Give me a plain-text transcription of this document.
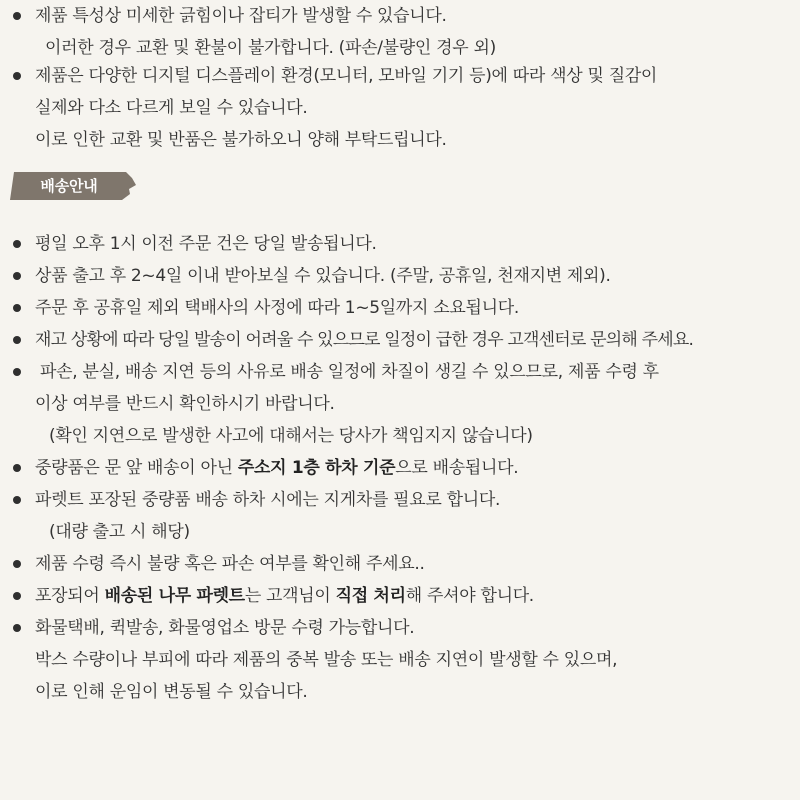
제품 특성상 미세한 긁힘이나 잡티가 발생할 수 있습니다.
이러한 경우 교환 및 환불이 불가합니다. (파손/불량인 경우 외)
제품은 다양한 디지털 디스플레이 환경(모니터, 모바일 기기 등)에 따라 색상 및 질감이
실제와 다소 다르게 보일 수 있습니다.
이로 인한 교환 및 반품은 불가하오니 양해 부탁드립니다.
배송안내
평일 오후 1시 이전 주문 건은 당일 발송됩니다.
상품 출고 후 2~4일 이내 받아보실 수 있습니다. (주말, 공휴일, 천재지변 제외).
주문 후 공휴일 제외 택배사의 사정에 따라 1~5일까지 소요됩니다.
재고 상황에 따라 당일 발송이 어려울 수 있으므로 일정이 급한 경우 고객센터로 문의해 주세요.
파손, 분실, 배송 지연 등의 사유로 배송 일정에 차질이 생길 수 있으므로, 제품 수령 후
이상 여부를 반드시 확인하시기 바랍니다.
(확인 지연으로 발생한 사고에 대해서는 당사가 책임지지 않습니다)
중량품은 문 앞 배송이 아닌 주소지 1층 하차 기준으로 배송됩니다.
파렛트 포장된 중량품 배송 하차 시에는 지게차를 필요로 합니다.
(대량 출고 시 해당)
제품 수령 즉시 불량 혹은 파손 여부를 확인해 주세요..
포장되어 배송된 나무 파렛트는 고객님이 직접 처리해 주셔야 합니다.
화물택배, 퀵발송, 화물영업소 방문 수령 가능합니다.
박스 수량이나 부피에 따라 제품의 중복 발송 또는 배송 지연이 발생할 수 있으며,
이로 인해 운임이 변동될 수 있습니다.
